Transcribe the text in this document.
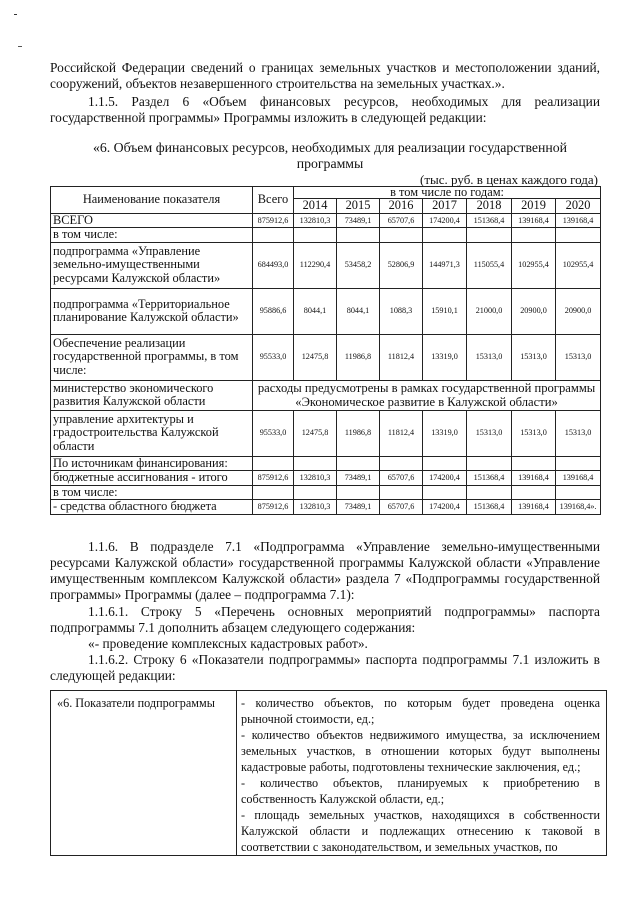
Российской Федерации сведений о границах земельных участков и местоположении зданий, сооружений, объектов незавершенного строительства на земельных участках.».

1.1.5. Раздел 6 «Объем финансовых ресурсов, необходимых для реализации государственной программы» Программы изложить в следующей редакции:

«6. Объем финансовых ресурсов, необходимых для реализации государственной программы

(тыс. руб. в ценах каждого года)
Наименование показателя	Всего	в том числе по годам:						
		2014	2015	2016	2017	2018	2019	2020
ВСЕГО	875912,6	132810,3	73489,1	65707,6	174200,4	151368,4	139168,4	139168,4
в том числе:								
подпрограмма «Управление земельно-имущественными ресурсами Калужской области»	684493,0	112290,4	53458,2	52806,9	144971,3	115055,4	102955,4	102955,4
подпрограмма «Территориальное планирование Калужской области»	95886,6	8044,1	8044,1	1088,3	15910,1	21000,0	20900,0	20900,0
Обеспечение реализации государственной программы, в том числе:	95533,0	12475,8	11986,8	11812,4	13319,0	15313,0	15313,0	15313,0
министерство экономического развития Калужской области	расходы предусмотрены в рамках государственной программы «Экономическое развитие в Калужской области»							
управление архитектуры и градостроительства Калужской области	95533,0	12475,8	11986,8	11812,4	13319,0	15313,0	15313,0	15313,0
По источникам финансирования:								
бюджетные ассигнования - итого	875912,6	132810,3	73489,1	65707,6	174200,4	151368,4	139168,4	139168,4
в том числе:								
- средства областного бюджета	875912,6	132810,3	73489,1	65707,6	174200,4	151368,4	139168,4	139168,4».

1.1.6. В подразделе 7.1 «Подпрограмма «Управление земельно-имущественными ресурсами Калужской области» государственной программы Калужской области «Управление имущественным комплексом Калужской области» раздела 7 «Подпрограммы государственной программы» Программы (далее – подпрограмма 7.1):

1.1.6.1. Строку 5 «Перечень основных мероприятий подпрограммы» паспорта подпрограммы 7.1 дополнить абзацем следующего содержания:

«- проведение комплексных кадастровых работ».

1.1.6.2. Строку 6 «Показатели подпрограммы» паспорта подпрограммы 7.1 изложить в следующей редакции:

«6. Показатели подпрограммы	- количество объектов, по которым будет проведена оценка рыночной стоимости, ед.;
- количество объектов недвижимого имущества, за исключением земельных участков, в отношении которых будут выполнены кадастровые работы, подготовлены технические заключения, ед.;
- количество объектов, планируемых к приобретению в собственность Калужской области, ед.;
- площадь земельных участков, находящихся в собственности Калужской области и подлежащих отнесению к таковой в соответствии с законодательством, и земельных участков, по
